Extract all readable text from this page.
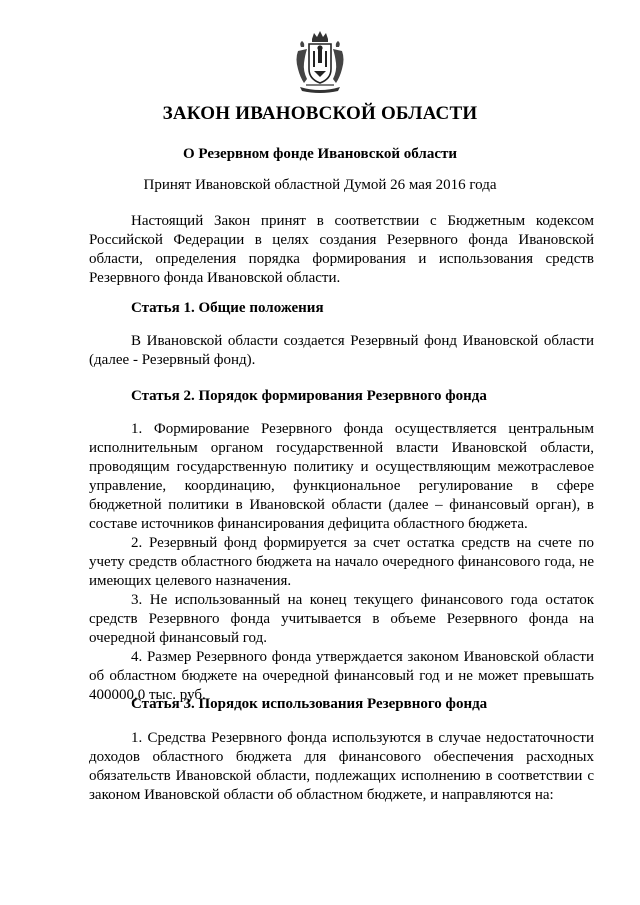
ЗАКОН ИВАНОВСКОЙ ОБЛАСТИ
О Резервном фонде Ивановской области
Принят Ивановской областной Думой 26 мая 2016 года

Настоящий Закон принят в соответствии с Бюджетным кодексом Российской Федерации в целях создания Резервного фонда Ивановской области, определения порядка формирования и использования средств Резервного фонда Ивановской области.

Статья 1. Общие положения

В Ивановской области создается Резервный фонд Ивановской области (далее - Резервный фонд).

Статья 2. Порядок формирования Резервного фонда

1. Формирование Резервного фонда осуществляется центральным исполнительным органом государственной власти Ивановской области, проводящим государственную политику и осуществляющим межотраслевое управление, координацию, функциональное регулирование в сфере бюджетной политики в Ивановской области (далее – финансовый орган), в составе источников финансирования дефицита областного бюджета.

2. Резервный фонд формируется за счет остатка средств на счете по учету средств областного бюджета на начало очередного финансового года, не имеющих целевого назначения.

3. Не использованный на конец текущего финансового года остаток средств Резервного фонда учитывается в объеме Резервного фонда на очередной финансовый год.

4. Размер Резервного фонда утверждается законом Ивановской области об областном бюджете на очередной финансовый год и не может превышать 400000,0 тыс. руб.

Статья 3. Порядок использования Резервного фонда

1. Средства Резервного фонда используются в случае недостаточности доходов областного бюджета для финансового обеспечения расходных обязательств Ивановской области, подлежащих исполнению в соответствии с законом Ивановской области об областном бюджете, и направляются на:
